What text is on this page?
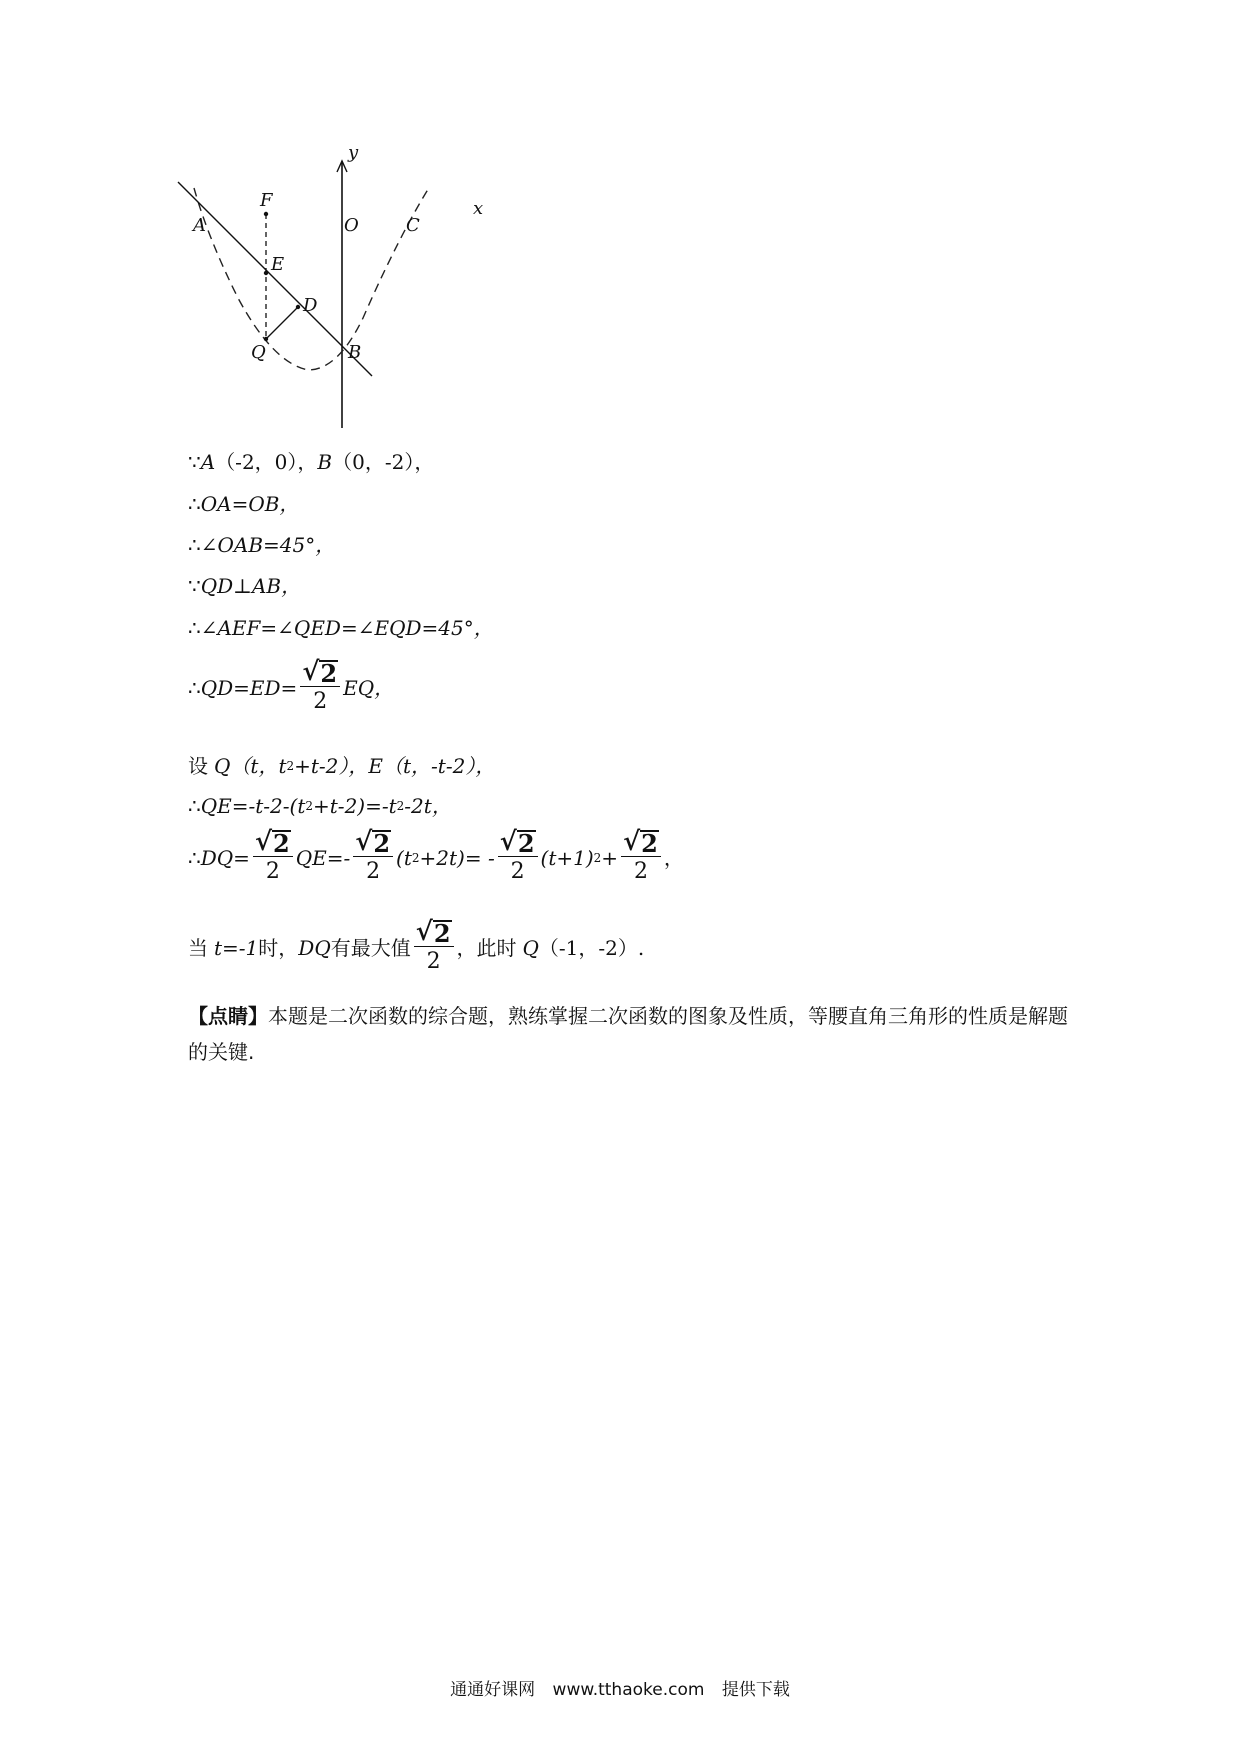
y
x
F
A	O	C
E
D
Q	B
∵ A （-2，0）， B （0，-2），
∴ OA=OB，
∴ ∠ OAB=45°，
∵ QD⊥AB，
∴ ∠AEF=∠QED=∠EQD=45°，
∴ $QD=ED= \frac{√ 2}{2}$ EQ，
设 Q （t，t 2 +t-2）， E （t，-t-2），
∴ QE=-t-2-(t 2 +t-2)=-t 2 -2t，
∴ $DQ= \frac{√ 2}{2} QE=- \frac{√ 2}{2} (t$ $2 +2t)= - \frac{√ 2}{2} (t+1) 2 + \frac{√ 2}{2}$ ，
当 t=-1 时， DQ 有最大值 $\frac{√ 2}{2}$ ，此时 Q （-1，-2）.
【点睛】本题是二次函数的综合题，熟练掌握二次函数的图象及性质，等腰直角三角形的性质是解题的关键.
通通好课网 www.tthaoke.com 提供下载
